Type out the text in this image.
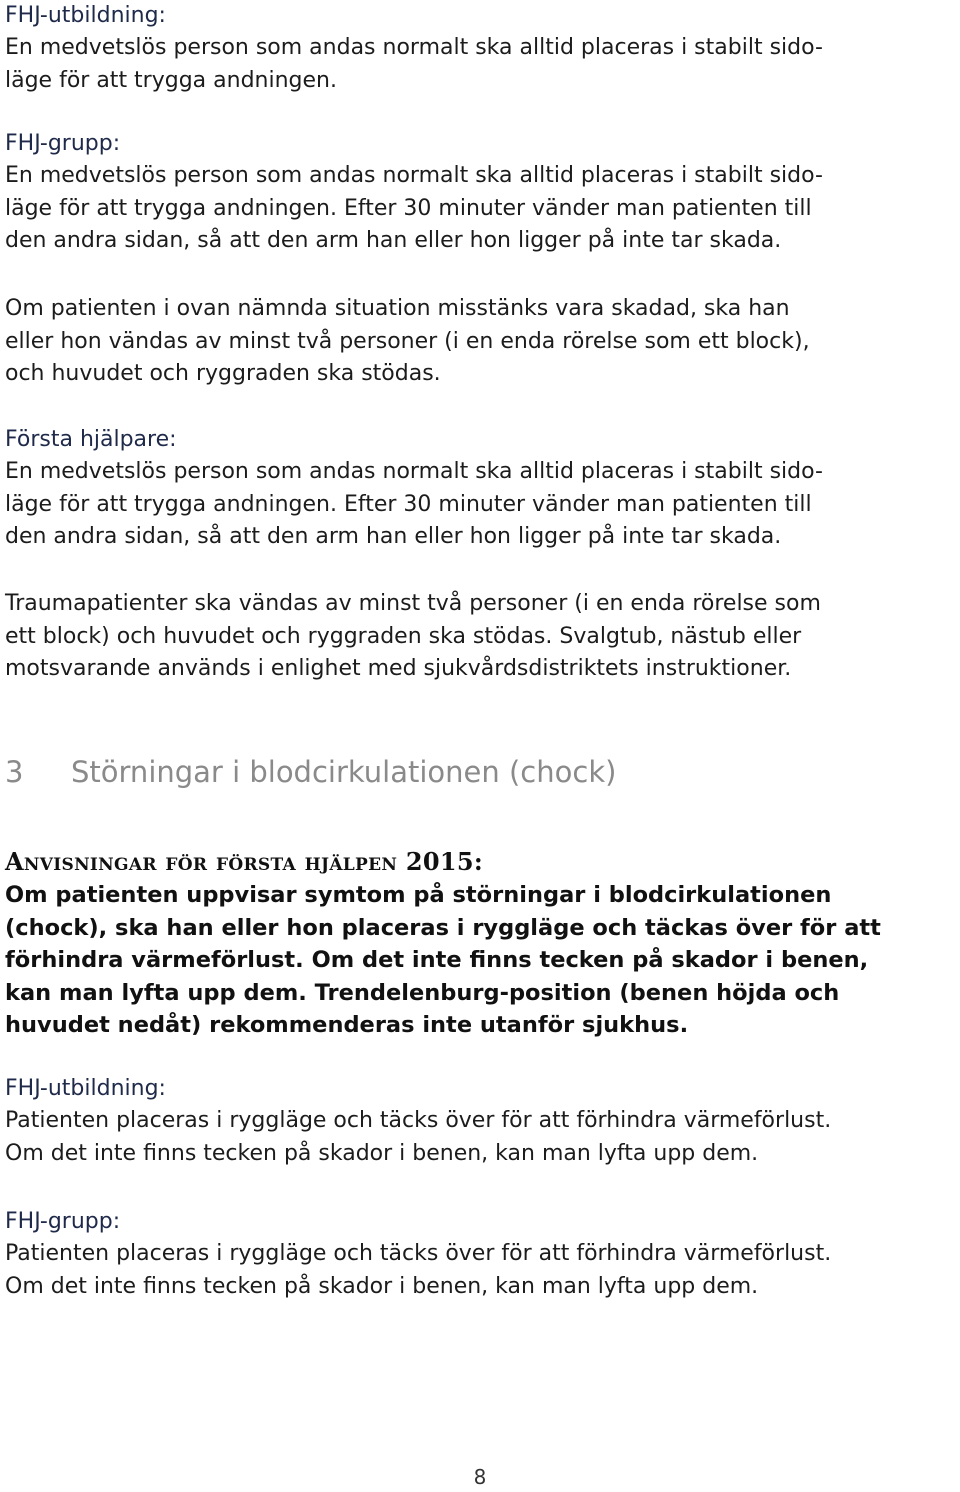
FHJ-utbildning:
En medvetslös person som andas normalt ska alltid placeras i stabilt sido-
läge för att trygga andningen.
FHJ-grupp:
En medvetslös person som andas normalt ska alltid placeras i stabilt sido-
läge för att trygga andningen. Efter 30 minuter vänder man patienten till
den andra sidan, så att den arm han eller hon ligger på inte tar skada.
Om patienten i ovan nämnda situation misstänks vara skadad, ska han
eller hon vändas av minst två personer (i en enda rörelse som ett block),
och huvudet och ryggraden ska stödas.
Första hjälpare:
En medvetslös person som andas normalt ska alltid placeras i stabilt sido-
läge för att trygga andningen. Efter 30 minuter vänder man patienten till
den andra sidan, så att den arm han eller hon ligger på inte tar skada.
Traumapatienter ska vändas av minst två personer (i en enda rörelse som
ett block) och huvudet och ryggraden ska stödas. Svalgtub, nästub eller
motsvarande används i enlighet med sjukvårdsdistriktets instruktioner.
3 Störningar i blodcirkulationen (chock)
Anvisningar för första hjälpen 2015:
Om patienten uppvisar symtom på störningar i blodcirkulationen
(chock), ska han eller hon placeras i ryggläge och täckas över för att
förhindra värmeförlust. Om det inte finns tecken på skador i benen,
kan man lyfta upp dem. Trendelenburg-position (benen höjda och
huvudet nedåt) rekommenderas inte utanför sjukhus.
FHJ-utbildning:
Patienten placeras i ryggläge och täcks över för att förhindra värmeförlust.
Om det inte finns tecken på skador i benen, kan man lyfta upp dem.
FHJ-grupp:
Patienten placeras i ryggläge och täcks över för att förhindra värmeförlust.
Om det inte finns tecken på skador i benen, kan man lyfta upp dem.
8
